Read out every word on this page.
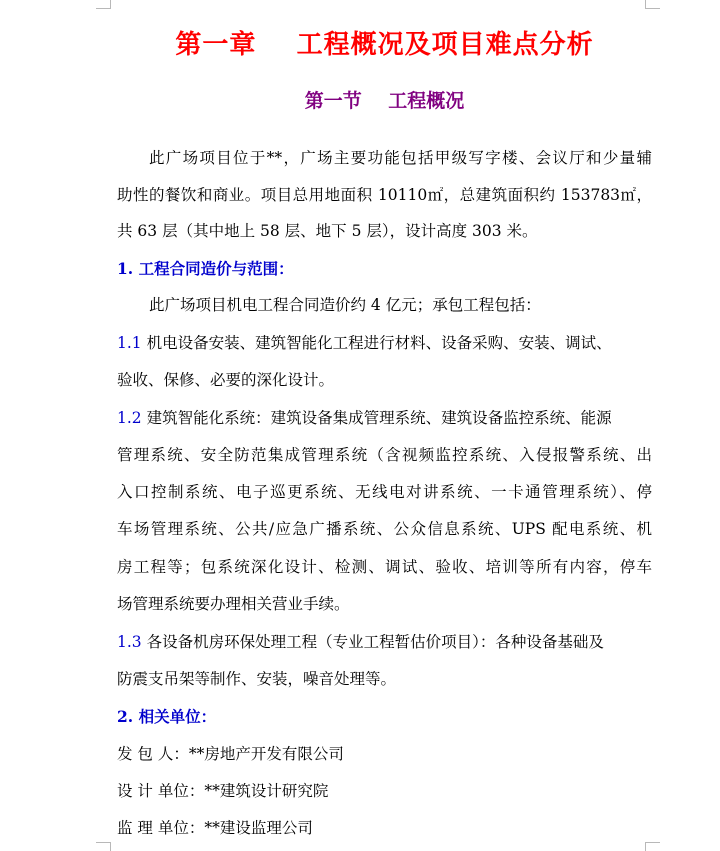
第一章    工程概况及项目难点分析
第一节    工程概况
此广场项目位于**，广场主要功能包括甲级写字楼、会议厅和少量辅
助性的餐饮和商业。项目总用地面积 10110㎡，总建筑面积约 153783㎡，
共 63 层（其中地上 58 层、地下 5 层），设计高度 303 米。
1. 工程合同造价与范围：
此广场项目机电工程合同造价约 4 亿元；承包工程包括：
1.1 机电设备安装、建筑智能化工程进行材料、设备采购、安装、调试、
验收、保修、必要的深化设计。
1.2 建筑智能化系统：建筑设备集成管理系统、建筑设备监控系统、能源
管理系统、安全防范集成管理系统（含视频监控系统、入侵报警系统、出
入口控制系统、电子巡更系统、无线电对讲系统、一卡通管理系统）、停
车场管理系统、公共/应急广播系统、公众信息系统、UPS 配电系统、机
房工程等；包系统深化设计、检测、调试、验收、培训等所有内容，停车
场管理系统要办理相关营业手续。
1.3 各设备机房环保处理工程（专业工程暂估价项目）：各种设备基础及
防震支吊架等制作、安装，噪音处理等。
2. 相关单位：
发 包 人：**房地产开发有限公司
设 计 单位：**建筑设计研究院
监 理 单位：**建设监理公司
